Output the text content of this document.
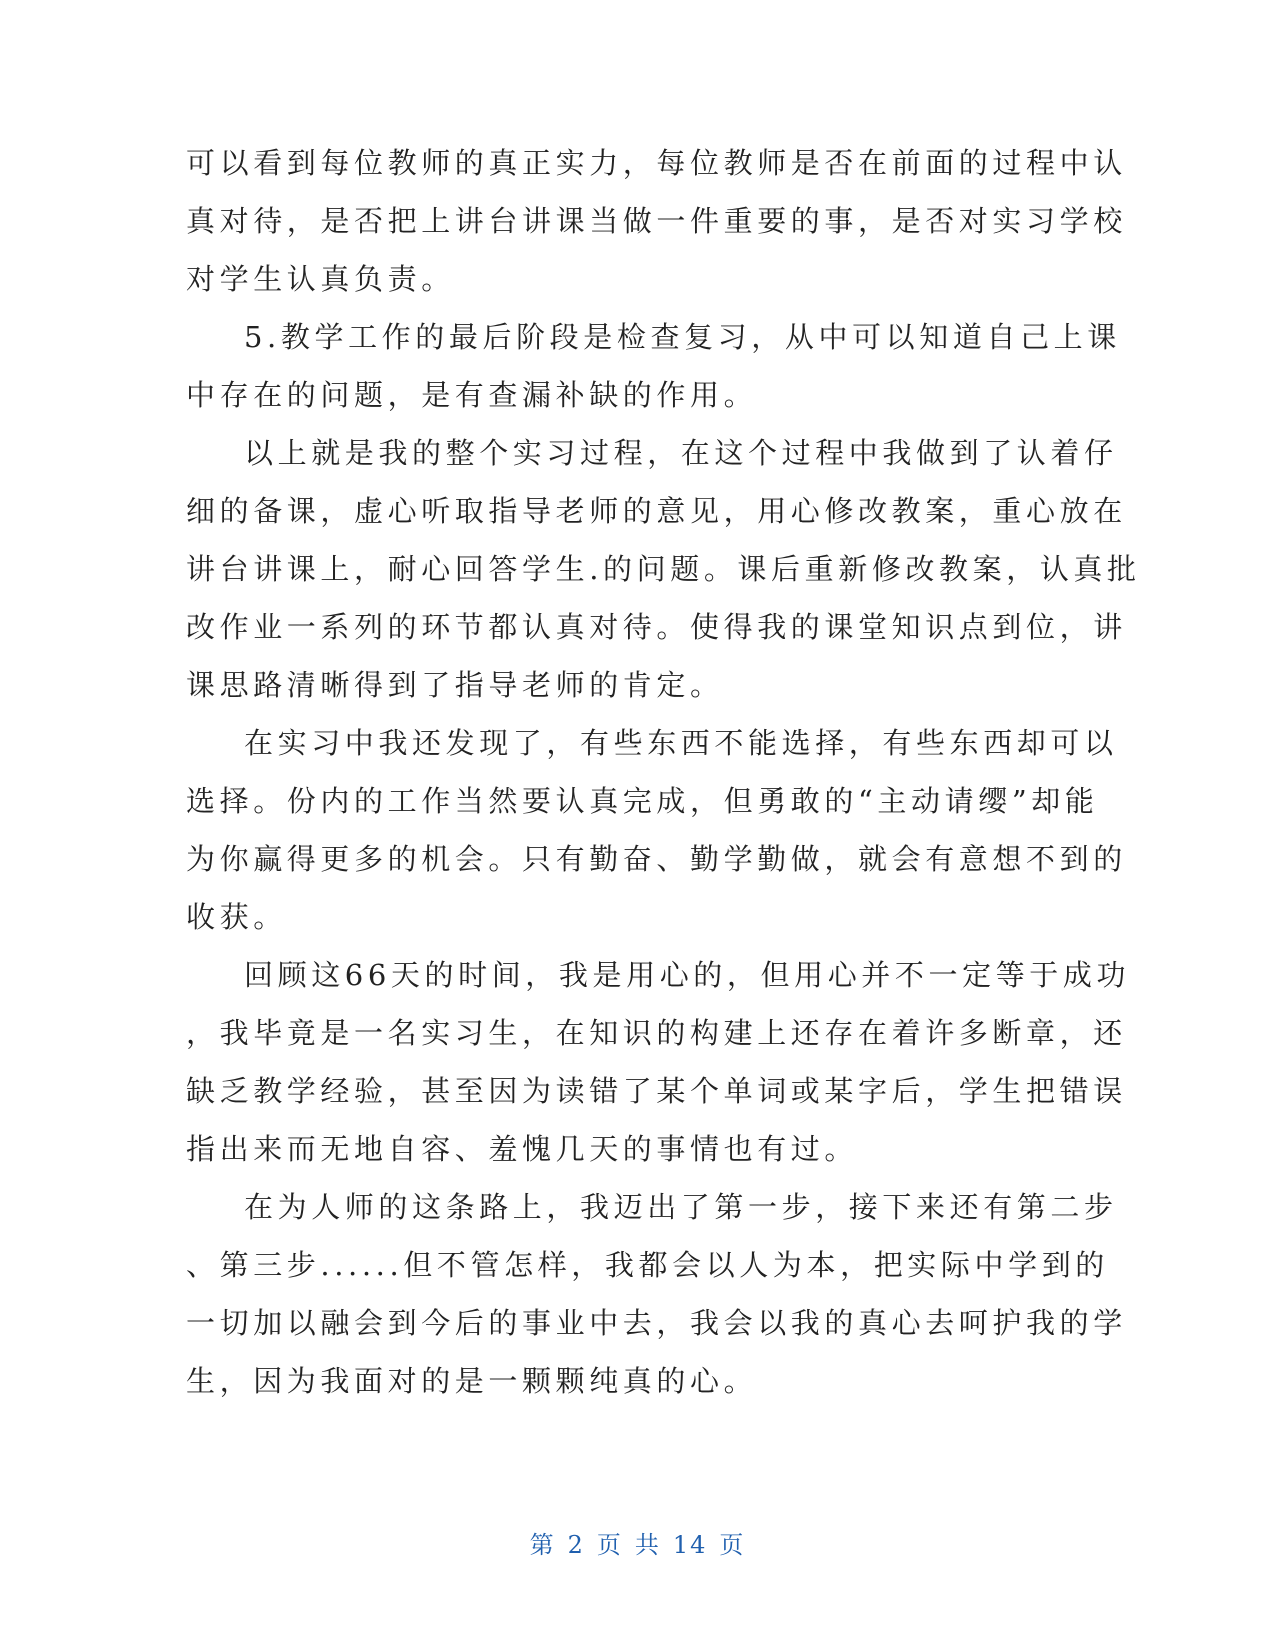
可以看到每位教师的真正实力，每位教师是否在前面的过程中认
真对待，是否把上讲台讲课当做一件重要的事，是否对实习学校
对学生认真负责。
5.教学工作的最后阶段是检查复习，从中可以知道自己上课
中存在的问题，是有查漏补缺的作用。
以上就是我的整个实习过程，在这个过程中我做到了认着仔
细的备课，虚心听取指导老师的意见，用心修改教案，重心放在
讲台讲课上，耐心回答学生.的问题。课后重新修改教案，认真批
改作业一系列的环节都认真对待。使得我的课堂知识点到位，讲
课思路清晰得到了指导老师的肯定。
在实习中我还发现了，有些东西不能选择，有些东西却可以
选择。份内的工作当然要认真完成，但勇敢的“主动请缨”却能
为你赢得更多的机会。只有勤奋、勤学勤做，就会有意想不到的
收获。
回顾这66天的时间，我是用心的，但用心并不一定等于成功
，我毕竟是一名实习生，在知识的构建上还存在着许多断章，还
缺乏教学经验，甚至因为读错了某个单词或某字后，学生把错误
指出来而无地自容、羞愧几天的事情也有过。
在为人师的这条路上，我迈出了第一步，接下来还有第二步
、第三步......但不管怎样，我都会以人为本，把实际中学到的
一切加以融会到今后的事业中去，我会以我的真心去呵护我的学
生，因为我面对的是一颗颗纯真的心。
第 2 页 共 14 页
